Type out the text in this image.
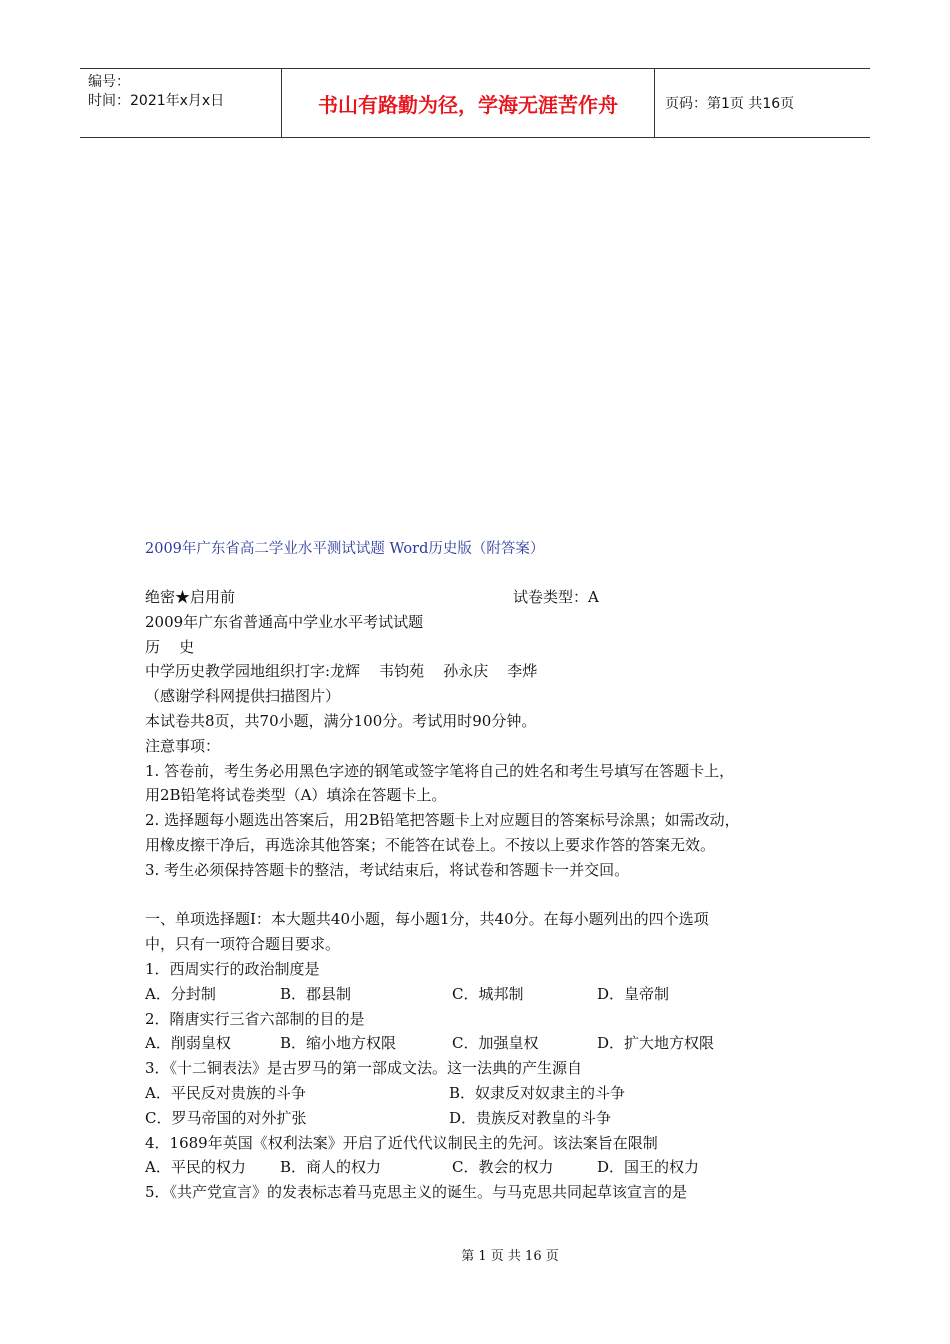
编号：
时间：2021年x月x日	书山有路勤为径，学海无涯苦作舟	页码：第1页 共16页
2009年广东省高二学业水平测试试题 Word历史版（附答案）
绝密★启用前	试卷类型：A
2009年广东省普通高中学业水平考试试题
历    史
中学历史教学园地组织打字:龙辉    韦钧苑    孙永庆    李烨
（感谢学科网提供扫描图片）
本试卷共8页，共70小题，满分100分。考试用时90分钟。
注意事项：
1. 答卷前，考生务必用黑色字迹的钢笔或签字笔将自己的姓名和考生号填写在答题卡上，
用2B铅笔将试卷类型（A）填涂在答题卡上。
2. 选择题每小题选出答案后，用2B铅笔把答题卡上对应题目的答案标号涂黑；如需改动，
用橡皮擦干净后，再选涂其他答案；不能答在试卷上。不按以上要求作答的答案无效。
3. 考生必须保持答题卡的整洁，考试结束后，将试卷和答题卡一并交回。
一、单项选择题Ⅰ：本大题共40小题，每小题1分，共40分。在每小题列出的四个选项
中，只有一项符合题目要求。
1．西周实行的政治制度是
A．分封制	B．郡县制	C．城邦制	D．皇帝制
2．隋唐实行三省六部制的目的是
A．削弱皇权	B．缩小地方权限	C．加强皇权	D．扩大地方权限
3．《十二铜表法》是古罗马的第一部成文法。这一法典的产生源自
A．平民反对贵族的斗争	B．奴隶反对奴隶主的斗争
C．罗马帝国的对外扩张	D．贵族反对教皇的斗争
4．1689年英国《权利法案》开启了近代代议制民主的先河。该法案旨在限制
A．平民的权力	B．商人的权力	C．教会的权力	D．国王的权力
5．《共产党宣言》的发表标志着马克思主义的诞生。与马克思共同起草该宣言的是
第 1 页 共 16 页
